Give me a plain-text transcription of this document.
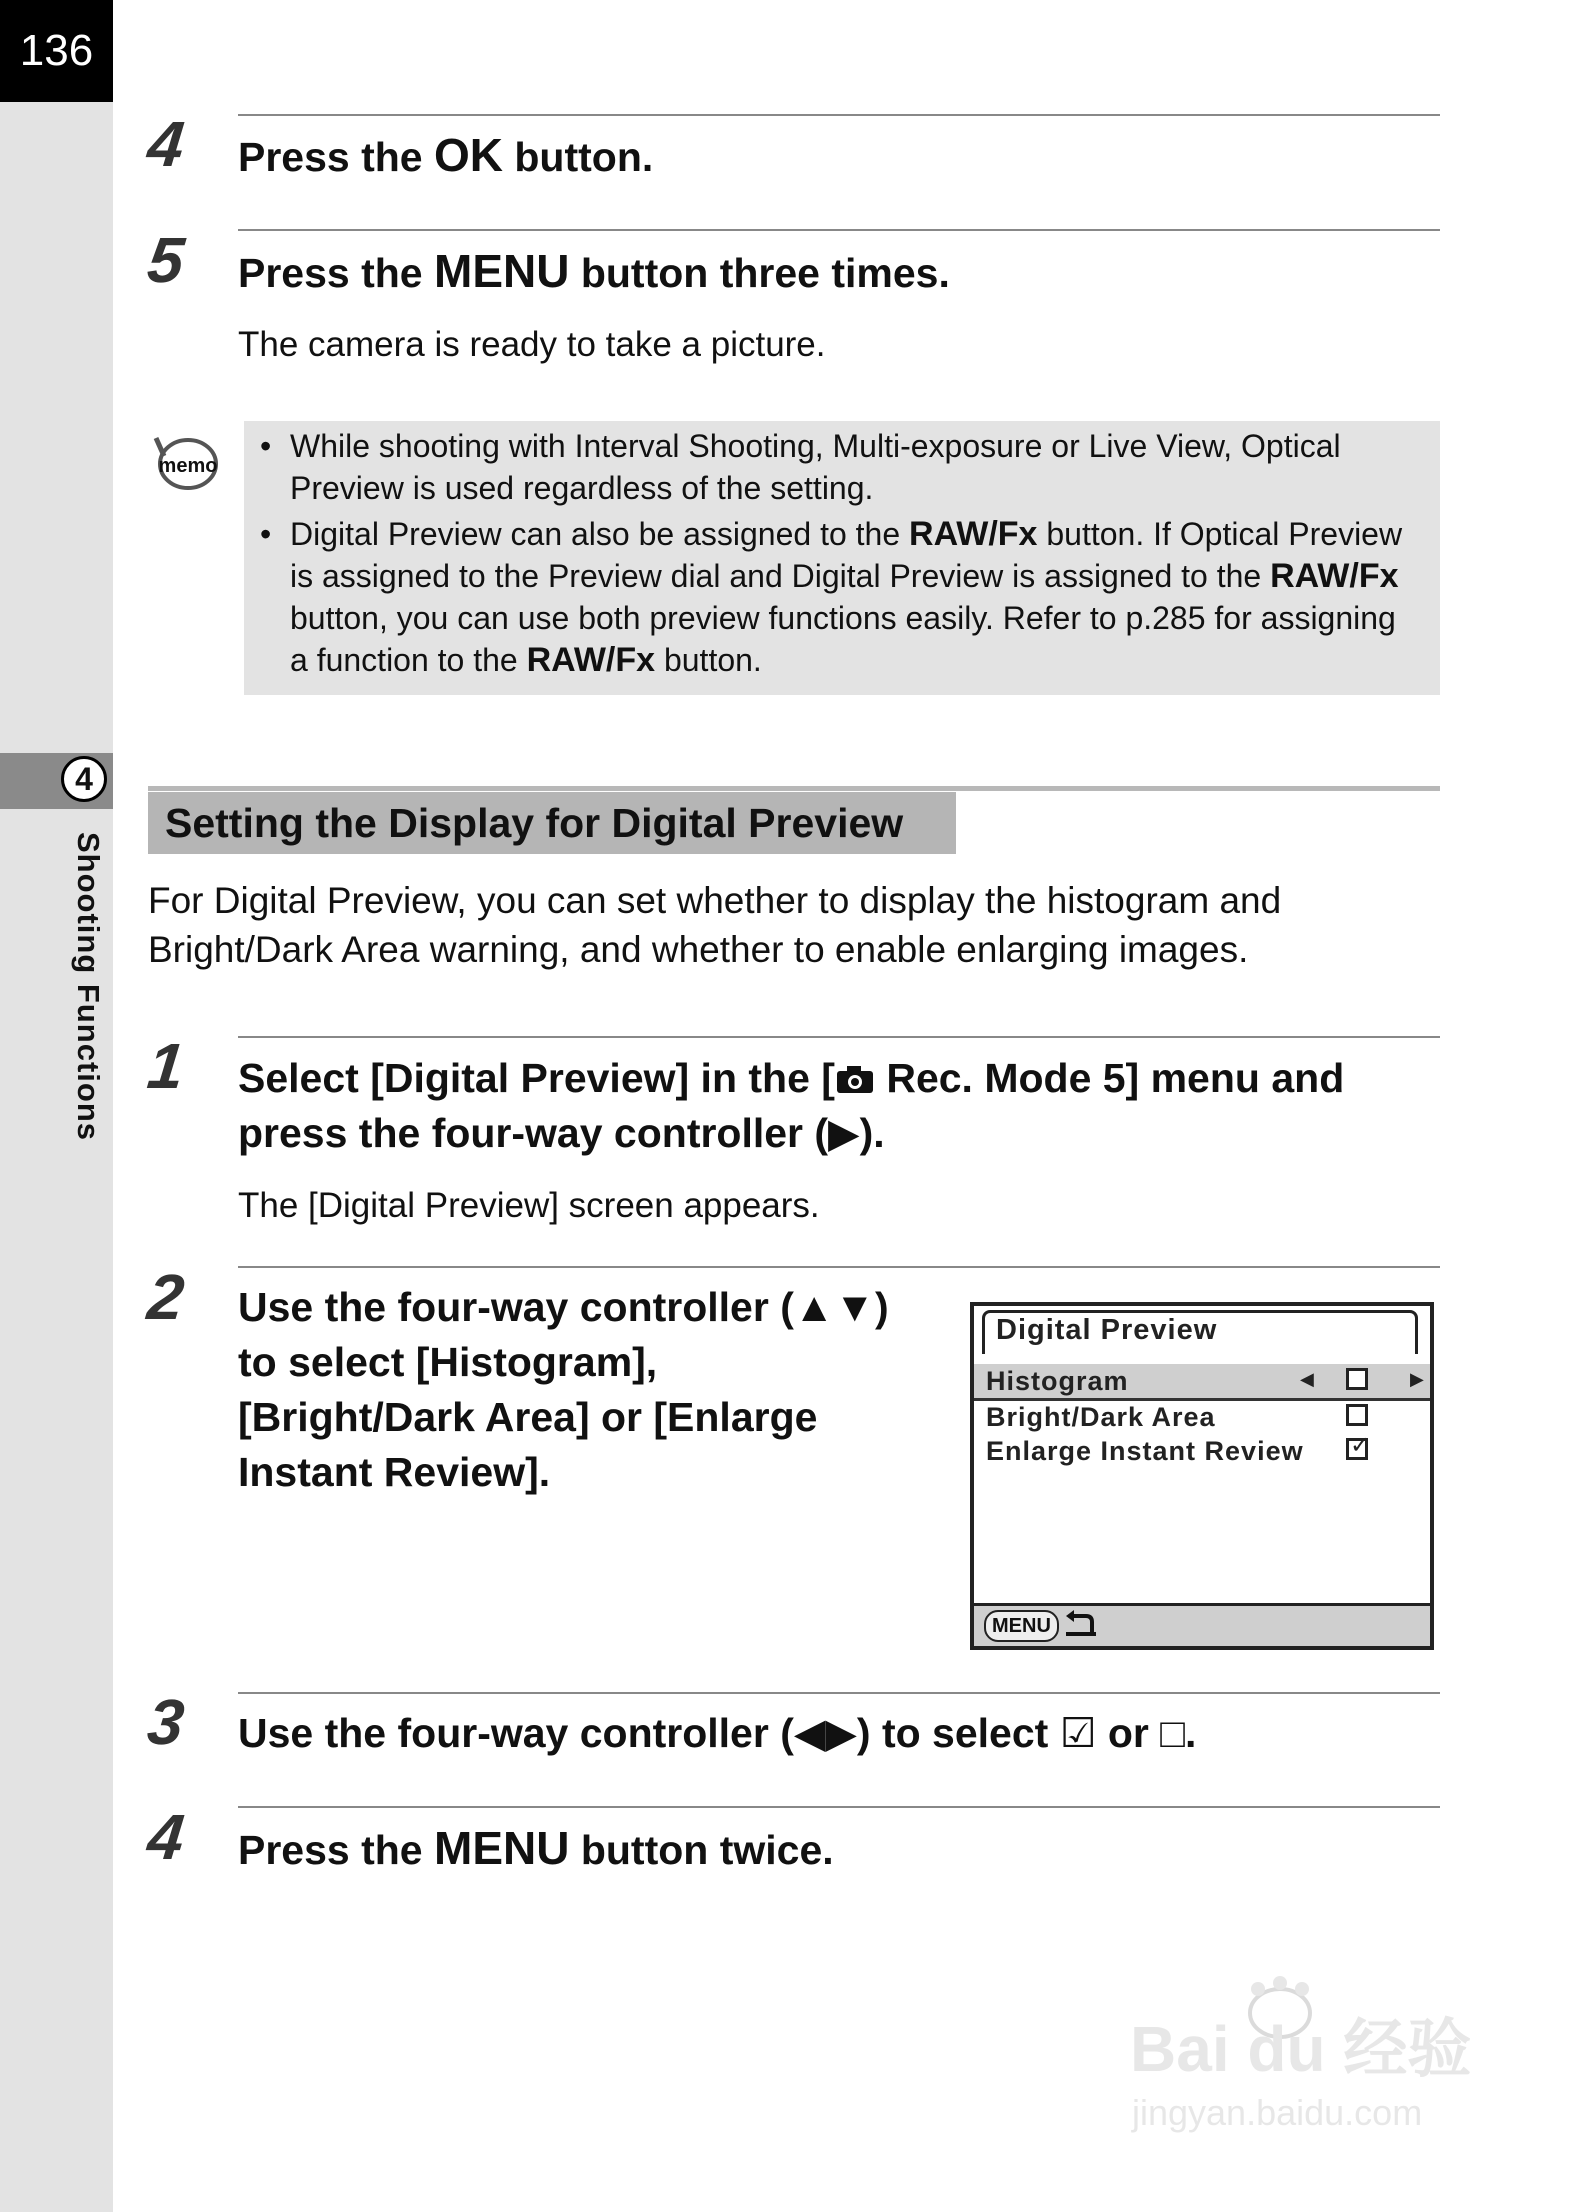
136
4
Shooting Functions
4 Press the OK button.
5 Press the MENU button three times.
The camera is ready to take a picture.
memo
• While shooting with Interval Shooting, Multi-exposure or Live View, Optical Preview is used regardless of the setting.
• Digital Preview can also be assigned to the RAW/Fx button. If Optical Preview is assigned to the Preview dial and Digital Preview is assigned to the RAW/Fx button, you can use both preview functions easily. Refer to p.285 for assigning a function to the RAW/Fx button.
Setting the Display for Digital Preview
For Digital Preview, you can set whether to display the histogram and Bright/Dark Area warning, and whether to enable enlarging images.
1 Select [Digital Preview] in the [ Rec. Mode 5] menu and press the four-way controller (▶).
The [Digital Preview] screen appears.
2 Use the four-way controller (▲▼) to select [Histogram], [Bright/Dark Area] or [Enlarge Instant Review].
Digital Preview
Histogram	◀	▶
Bright/Dark Area
Enlarge Instant Review ✓
MENU
3 Use the four-way controller (◀▶) to select ☑ or □.
4 Press the MENU button twice.
Bai du 经验
jingyan.baidu.com
